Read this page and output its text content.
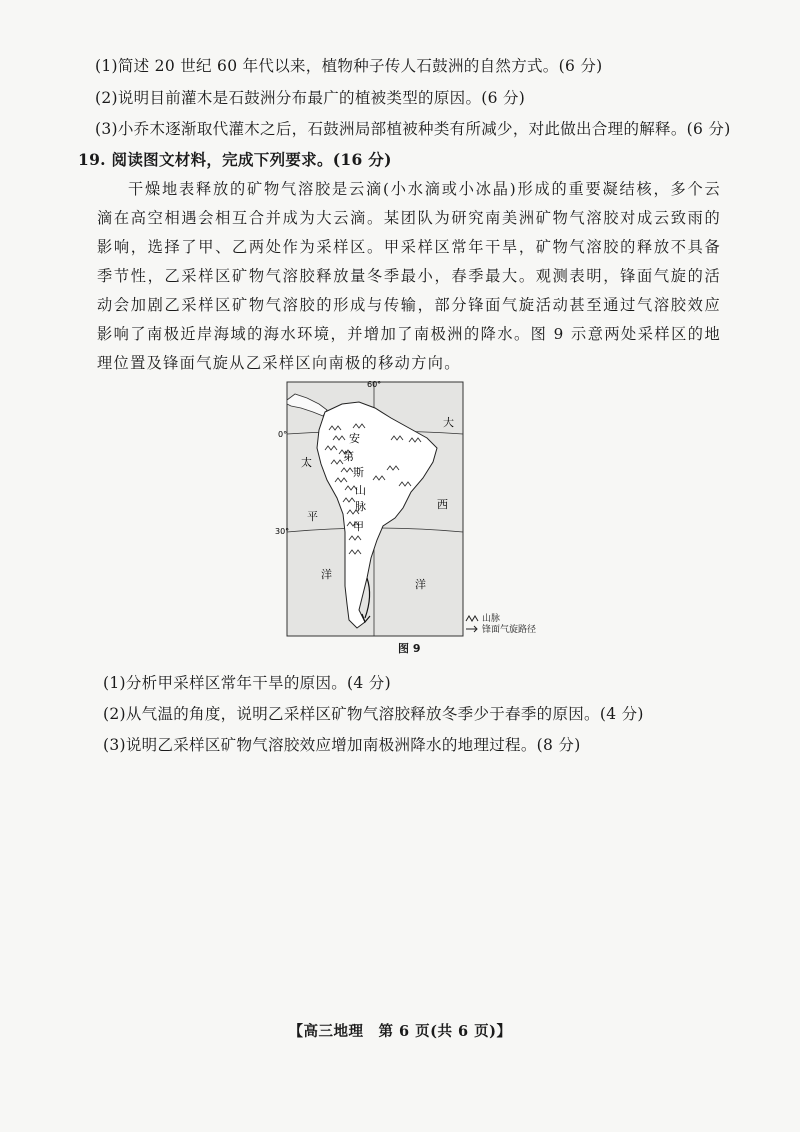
(1)简述 20 世纪 60 年代以来，植物种子传人石鼓洲的自然方式。(6 分)
(2)说明目前灌木是石鼓洲分布最广的植被类型的原因。(6 分)
(3)小乔木逐渐取代灌木之后，石鼓洲局部植被种类有所减少，对此做出合理的解释。(6 分)
19. 阅读图文材料，完成下列要求。(16 分)
干燥地表释放的矿物气溶胶是云滴(小水滴或小冰晶)形成的重要凝结核，多个云滴在高空相遇会相互合并成为大云滴。某团队为研究南美洲矿物气溶胶对成云致雨的影响，选择了甲、乙两处作为采样区。甲采样区常年干旱，矿物气溶胶的释放不具备季节性，乙采样区矿物气溶胶释放量冬季最小，春季最大。观测表明，锋面气旋的活动会加剧乙采样区矿物气溶胶的形成与传输，部分锋面气旋活动甚至通过气溶胶效应影响了南极近岸海域的海水环境，并增加了南极洲的降水。图 9 示意两处采样区的地理位置及锋面气旋从乙采样区向南极的移动方向。
60°
0°
30°
安
第
斯
山
脉
甲
太
平
洋
大
西
洋
山脉
锋面气旋路径
图 9
(1)分析甲采样区常年干旱的原因。(4 分)
(2)从气温的角度，说明乙采样区矿物气溶胶释放冬季少于春季的原因。(4 分)
(3)说明乙采样区矿物气溶胶效应增加南极洲降水的地理过程。(8 分)
【高三地理　第 6 页(共 6 页)】
